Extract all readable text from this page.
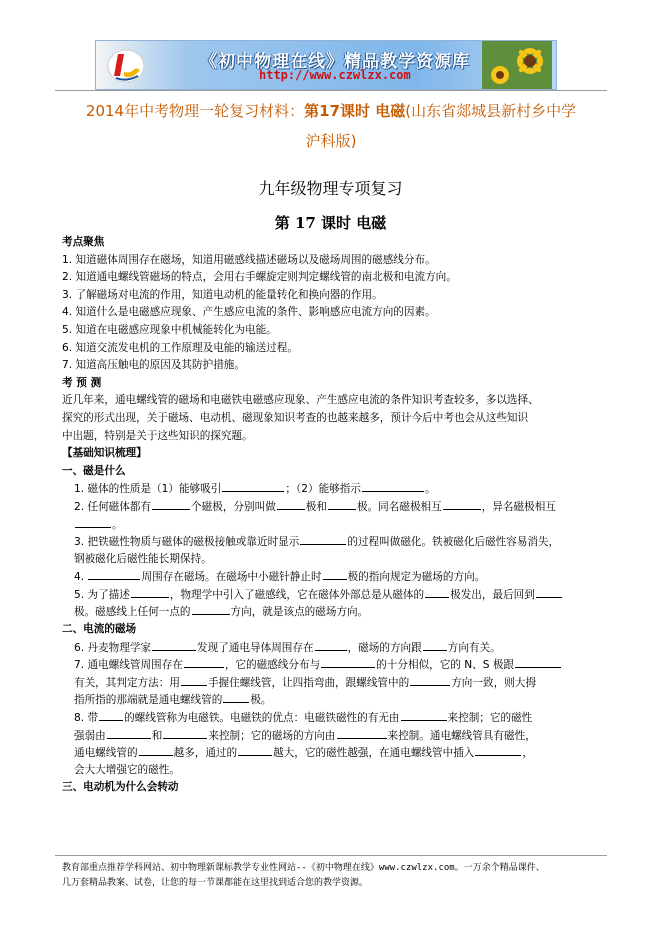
《初中物理在线》精品教学资源库
http://www.czwlzx.com
2014年中考物理一轮复习材料：第17课时 电磁(山东省郯城县新村乡中学
沪科版)
九年级物理专项复习
第 17 课时 电磁
考点聚焦
1. 知道磁体周围存在磁场，知道用磁感线描述磁场以及磁场周围的磁感线分布。
2. 知道通电螺线管磁场的特点，会用右手螺旋定则判定螺线管的南北极和电流方向。
3. 了解磁场对电流的作用，知道电动机的能量转化和换向器的作用。
4. 知道什么是电磁感应现象、产生感应电流的条件、影响感应电流方向的因素。
5. 知道在电磁感应现象中机械能转化为电能。
6. 知道交流发电机的工作原理及电能的输送过程。
7. 知道高压触电的原因及其防护措施。
考 预 测
近几年来，通电螺线管的磁场和电磁铁电磁感应现象、产生感应电流的条件知识考查较多，多以选择、
探究的形式出现，关于磁场、电动机、磁现象知识考查的也越来越多，预计今后中考也会从这些知识
中出题，特别是关于这些知识的探究题。
【基础知识梳理】
一、磁是什么
1. 磁体的性质是（1）能够吸引	；（2）能够指示	。
2. 任何磁体都有	个磁极，分别叫做	极和	极。同名磁极相互	，异名磁极相互
。
3. 把铁磁性物质与磁体的磁极接触或靠近时显示	的过程叫做磁化。铁被磁化后磁性容易消失，
钢被磁化后磁性能长期保持。
4.	周围存在磁场。在磁场中小磁针静止时 极的指向规定为磁场的方向。
5. 为了描述	，物理学中引入了磁感线，它在磁体外部总是从磁体的 极发出，最后回到
极。磁感线上任何一点的	方向，就是该点的磁场方向。
二、电流的磁场
6. 丹麦物理学家	发现了通电导体周围存在	，磁场的方向跟 方向有关。
7. 通电螺线管周围存在	，它的磁感线分布与	的十分相似，它的 N、S 极跟
有关，其判定方法：用	手握住螺线管，让四指弯曲，跟螺线管中的	方向一致，则大拇
指所指的那端就是通电螺线管的	极。
8. 带 的螺线管称为电磁铁。电磁铁的优点：电磁铁磁性的有无由	来控制；它的磁性
强弱由	和	来控制；它的磁场的方向由	来控制。通电螺线管具有磁性，
通电螺线管的	越多，通过的	越大，它的磁性越强，在通电螺线管中插入	，
会大大增强它的磁性。
三、电动机为什么会转动
教育部重点推荐学科网站、初中物理新课标教学专业性网站--《初中物理在线》www.czwlzx.com。一万余个精品课件、
几万套精品教案、试卷，让您的每一节课都能在这里找到适合您的教学资源。
